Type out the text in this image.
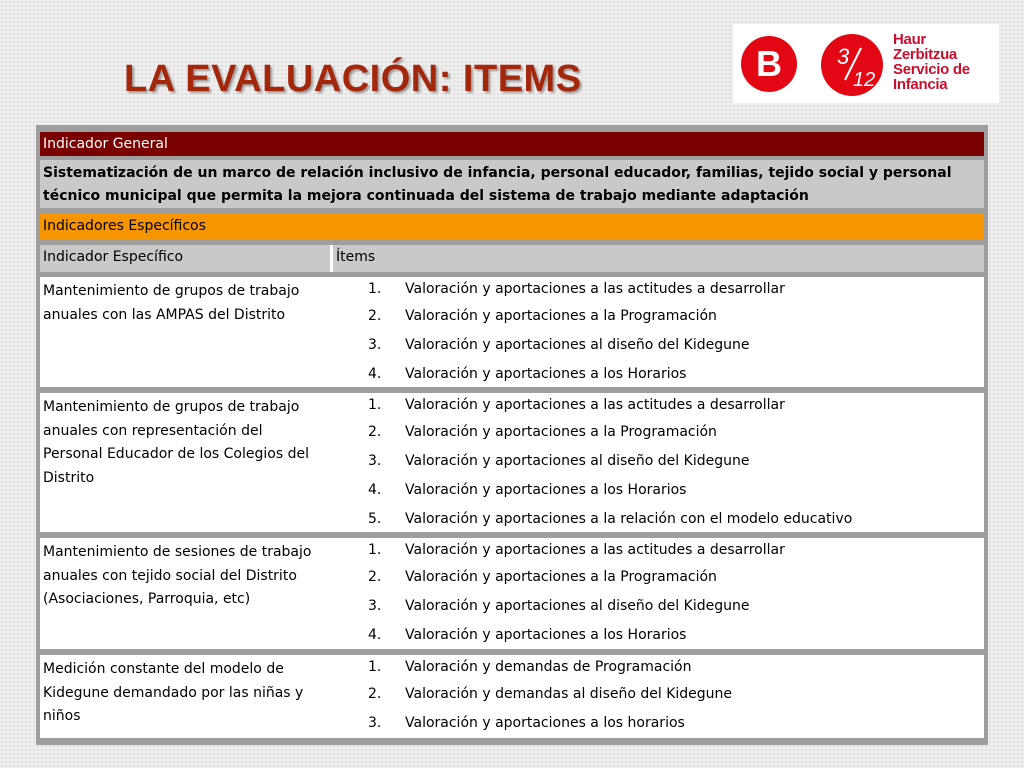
LA EVALUACIÓN: ITEMS	B	3
12
Haur
Zerbitzua
Servicio de
Infancia
Indicador General
Sistematización de un marco de relación inclusivo de infancia, personal educador, familias, tejido social y personal técnico municipal que permita la mejora continuada del sistema de trabajo mediante adaptación
Indicadores Específicos
Indicador Específico	Ítems
Mantenimiento de grupos de trabajo
anuales con las AMPAS del Distrito
1. Valoración y aportaciones a las actitudes a desarrollar
2. Valoración y aportaciones a la Programación
3. Valoración y aportaciones al diseño del Kidegune
4. Valoración y aportaciones a los Horarios
Mantenimiento de grupos de trabajo
anuales con representación del
Personal Educador de los Colegios del
Distrito
1. Valoración y aportaciones a las actitudes a desarrollar
2. Valoración y aportaciones a la Programación
3. Valoración y aportaciones al diseño del Kidegune
4. Valoración y aportaciones a los Horarios
5. Valoración y aportaciones a la relación con el modelo educativo
Mantenimiento de sesiones de trabajo
anuales con tejido social del Distrito
(Asociaciones, Parroquia, etc)
1. Valoración y aportaciones a las actitudes a desarrollar
2. Valoración y aportaciones a la Programación
3. Valoración y aportaciones al diseño del Kidegune
4. Valoración y aportaciones a los Horarios
Medición constante del modelo de
Kidegune demandado por las niñas y
niños
1. Valoración y demandas de Programación
2. Valoración y demandas al diseño del Kidegune
3. Valoración y aportaciones a los horarios
